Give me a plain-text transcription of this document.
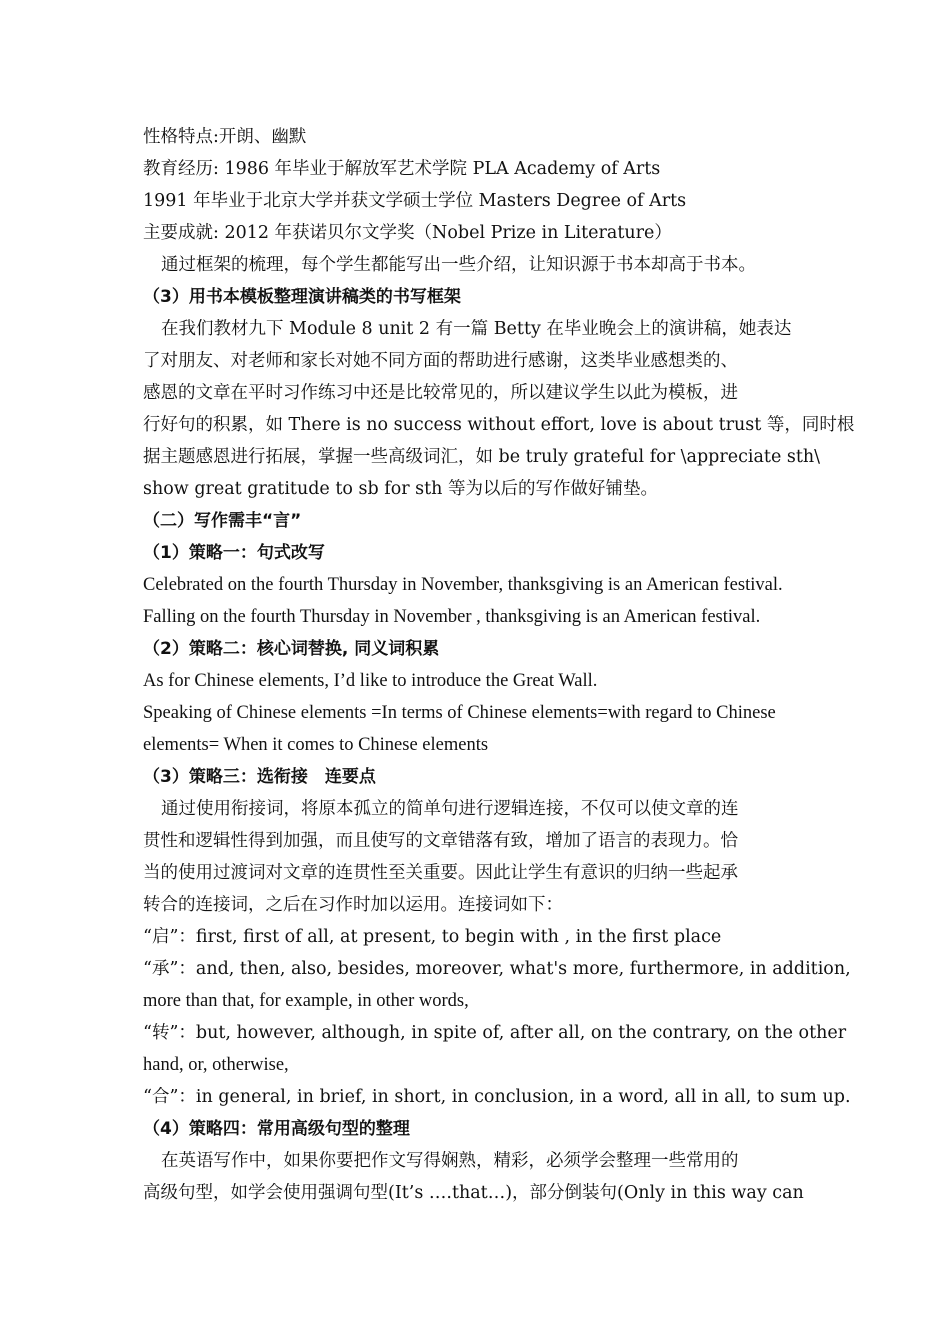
性格特点:开朗、幽默
教育经历: 1986 年毕业于解放军艺术学院 PLA Academy of Arts
1991 年毕业于北京大学并获文学硕士学位 Masters Degree of Arts
主要成就: 2012 年获诺贝尔文学奖（Nobel Prize in Literature）
通过框架的梳理，每个学生都能写出一些介绍，让知识源于书本却高于书本。
（3）用书本模板整理演讲稿类的书写框架
在我们教材九下 Module 8 unit 2 有一篇 Betty 在毕业晚会上的演讲稿，她表达
了对朋友、对老师和家长对她不同方面的帮助进行感谢，这类毕业感想类的、
感恩的文章在平时习作练习中还是比较常见的，所以建议学生以此为模板，进
行好句的积累，如 There is no success without effort, love is about trust 等，同时根
据主题感恩进行拓展，掌握一些高级词汇，如 be truly grateful for \appreciate sth\
show great gratitude to sb for sth 等为以后的写作做好铺垫。
（二）写作需丰“言”
（1）策略一：句式改写
Celebrated on the fourth Thursday in November, thanksgiving is an American festival.
Falling on the fourth Thursday in November , thanksgiving is an American festival.
（2）策略二：核心词替换, 同义词积累
As for Chinese elements, I’d like to introduce the Great Wall.
Speaking of Chinese elements =In terms of Chinese elements=with regard to Chinese
elements= When it comes to Chinese elements
（3）策略三：选衔接　连要点
通过使用衔接词，将原本孤立的简单句进行逻辑连接，不仅可以使文章的连
贯性和逻辑性得到加强，而且使写的文章错落有致，增加了语言的表现力。恰
当的使用过渡词对文章的连贯性至关重要。因此让学生有意识的归纳一些起承
转合的连接词，之后在习作时加以运用。连接词如下：
“启”：first, first of all, at present, to begin with , in the first place
“承”：and, then, also, besides, moreover, what's more, furthermore, in addition,
more than that, for example, in other words,
“转”：but, however, although, in spite of, after all, on the contrary, on the other
hand, or, otherwise,
“合”：in general, in brief, in short, in conclusion, in a word, all in all, to sum up.
（4）策略四：常用高级句型的整理
在英语写作中，如果你要把作文写得娴熟，精彩，必须学会整理一些常用的
高级句型，如学会使用强调句型(It’s ….that…)，部分倒装句(Only in this way can
